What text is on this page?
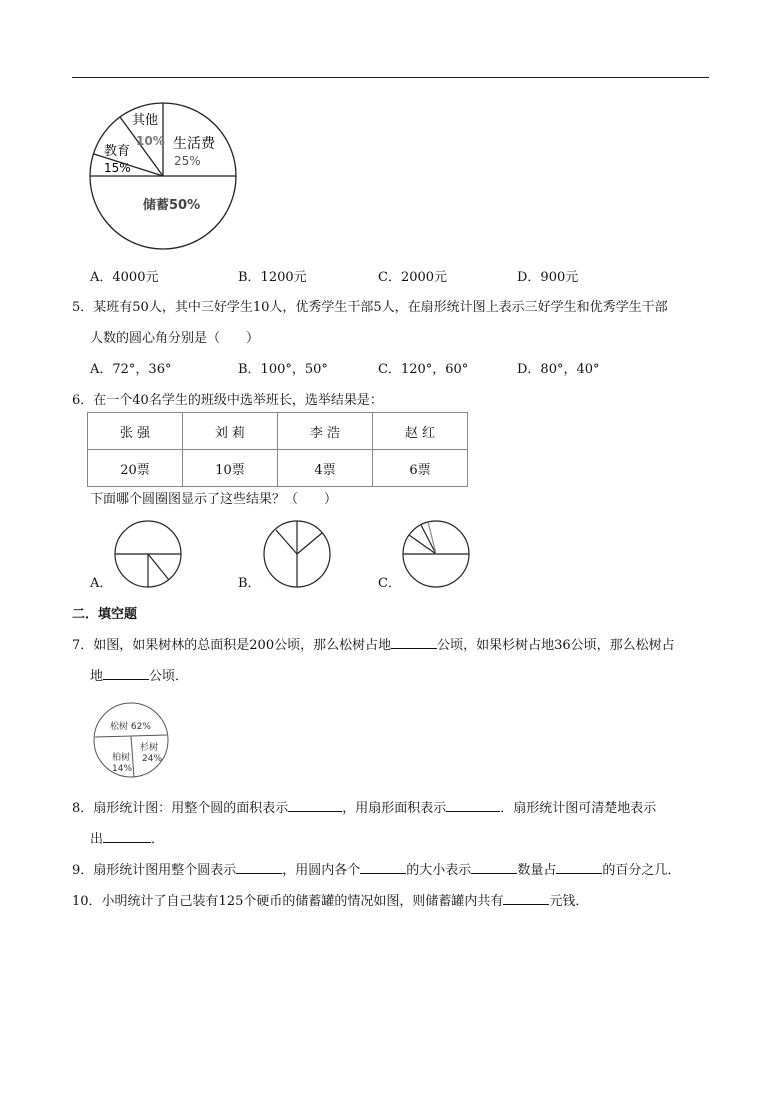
其他
10% 生活费
25%
教育
15%
储蓄50%
A．4000元	B．1200元	C．2000元	D．900元
5．某班有50人，其中三好学生10人，优秀学生干部5人，在扇形统计图上表示三好学生和优秀学生干部
人数的圆心角分别是（　　）
A．72°，36°	B．100°，50°	C．120°，60°	D．80°，40°
6．在一个40名学生的班级中选举班长，选举结果是：
张 强	刘 莉	李 浩	赵 红
20票	10票	4票	6票
下面哪个圆圈图显示了这些结果？（　　）
A．	B．	C．
二．填空题
7．如图，如果树林的总面积是200公顷，那么松树占地	公顷，如果杉树占地36公顷，那么松树占
地	公顷．
松树 62%
杉树
24%
柏树
14%
8．扇形统计图：用整个圆的面积表示	，用扇形面积表示	．扇形统计图可清楚地表示
出	．
9．扇形统计图用整个圆表示	，用圆内各个	的大小表示	数量占	的百分之几．
10．小明统计了自己装有125个硬币的储蓄罐的情况如图，则储蓄罐内共有	元钱．
